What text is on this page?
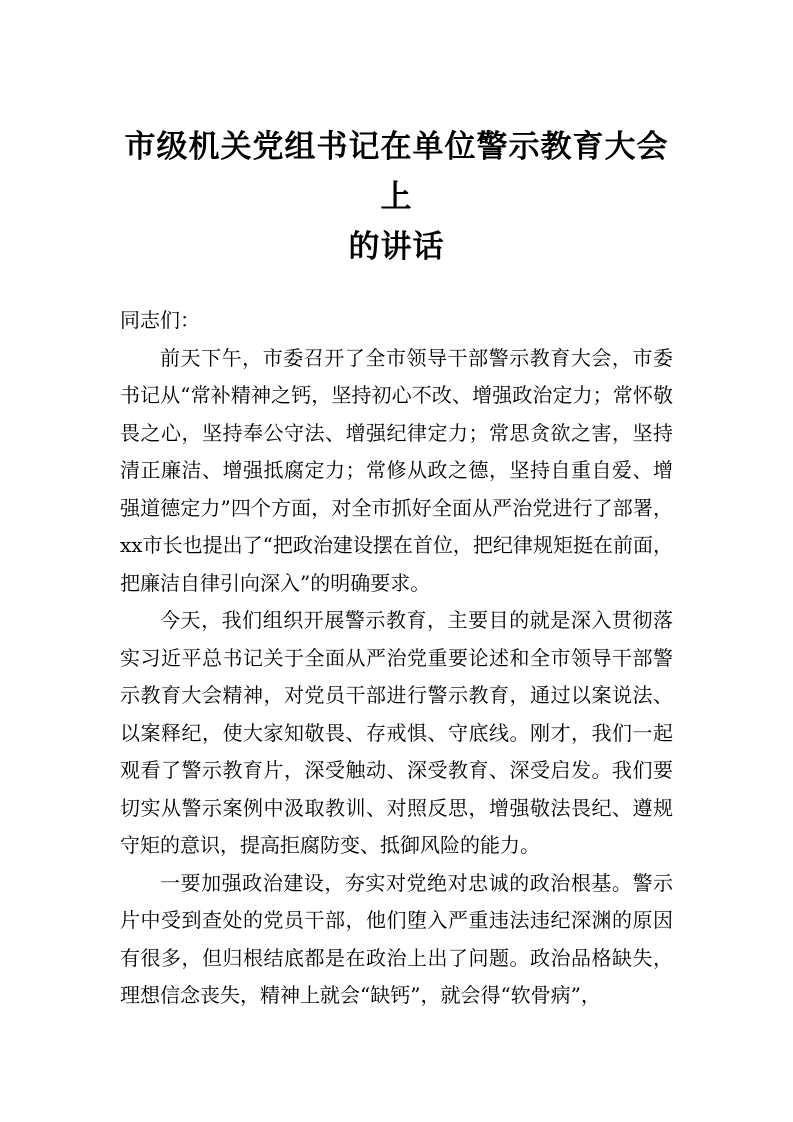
市级机关党组书记在单位警示教育大会上
的讲话

同志们：

前天下午，市委召开了全市领导干部警示教育大会，市委书记从“常补精神之钙，坚持初心不改、增强政治定力；常怀敬畏之心，坚持奉公守法、增强纪律定力；常思贪欲之害，坚持清正廉洁、增强抵腐定力；常修从政之德，坚持自重自爱、增强道德定力”四个方面，对全市抓好全面从严治党进行了部署，xx市长也提出了“把政治建设摆在首位，把纪律规矩挺在前面，把廉洁自律引向深入”的明确要求。

今天，我们组织开展警示教育，主要目的就是深入贯彻落实习近平总书记关于全面从严治党重要论述和全市领导干部警示教育大会精神，对党员干部进行警示教育，通过以案说法、以案释纪，使大家知敬畏、存戒惧、守底线。刚才，我们一起观看了警示教育片，深受触动、深受教育、深受启发。我们要切实从警示案例中汲取教训、对照反思，增强敬法畏纪、遵规守矩的意识，提高拒腐防变、抵御风险的能力。

一要加强政治建设，夯实对党绝对忠诚的政治根基。警示片中受到查处的党员干部，他们堕入严重违法违纪深渊的原因有很多，但归根结底都是在政治上出了问题。政治品格缺失，理想信念丧失，精神上就会“缺钙”，就会得“软骨病”，
